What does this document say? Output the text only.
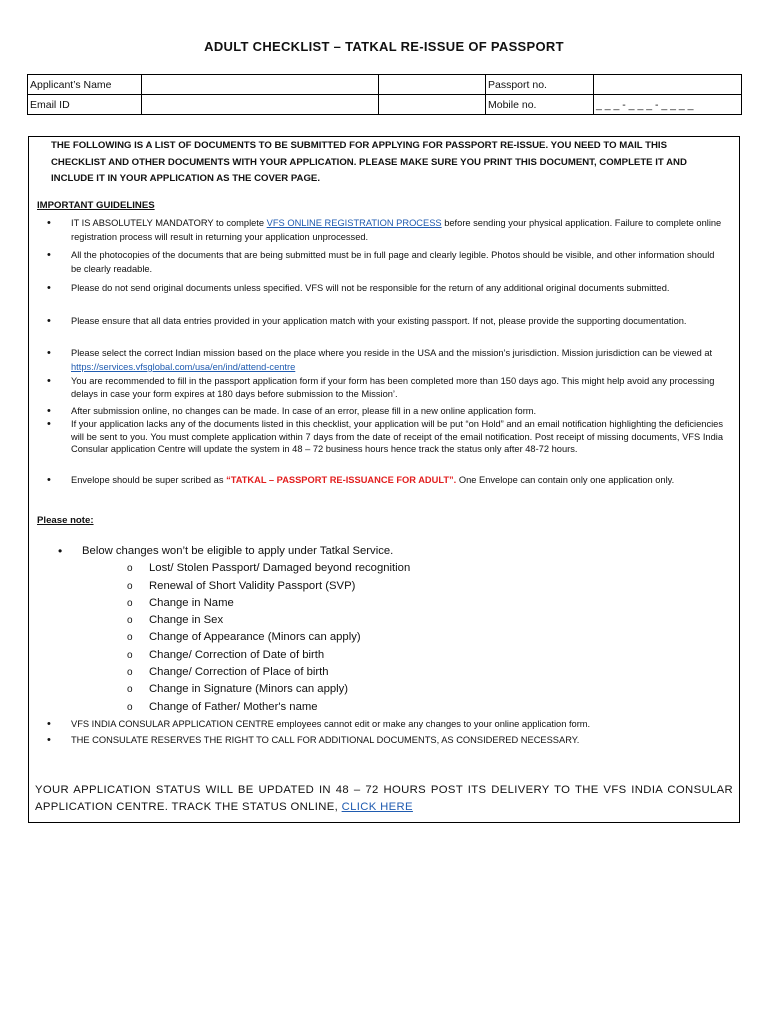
ADULT CHECKLIST – TATKAL RE-ISSUE OF PASSPORT
Applicant’s Name			Passport no.	
Email ID			Mobile no.	_ _ _ - _ _ _ - _ _ _ _
THE FOLLOWING IS A LIST OF DOCUMENTS TO BE SUBMITTED FOR APPLYING FOR PASSPORT RE-ISSUE. YOU NEED TO MAIL THIS CHECKLIST AND OTHER DOCUMENTS WITH YOUR APPLICATION. PLEASE MAKE SURE YOU PRINT THIS DOCUMENT, COMPLETE IT AND INCLUDE IT IN YOUR APPLICATION AS THE COVER PAGE.
IMPORTANT GUIDELINES
• IT IS ABSOLUTELY MANDATORY to complete VFS ONLINE REGISTRATION PROCESS before sending your physical application. Failure to complete online registration process will result in returning your application unprocessed.
• All the photocopies of the documents that are being submitted must be in full page and clearly legible. Photos should be visible, and other information should be clearly readable.
• Please do not send original documents unless specified. VFS will not be responsible for the return of any additional original documents submitted.
• Please ensure that all data entries provided in your application match with your existing passport. If not, please provide the supporting documentation.
• Please select the correct Indian mission based on the place where you reside in the USA and the mission’s jurisdiction. Mission jurisdiction can be viewed at https://services.vfsglobal.com/usa/en/ind/attend-centre
• You are recommended to fill in the passport application form if your form has been completed more than 150 days ago. This might help avoid any processing delays in case your form expires at 180 days before submission to the Mission’.
• After submission online, no changes can be made. In case of an error, please fill in a new online application form.
• If your application lacks any of the documents listed in this checklist, your application will be put “on Hold” and an email notification highlighting the deficiencies will be sent to you. You must complete application within 7 days from the date of receipt of the email notification. Post receipt of missing documents, VFS India Consular application Centre will update the system in 48 – 72 business hours hence track the status only after 48-72 hours.
• Envelope should be super scribed as “TATKAL – PASSPORT RE-ISSUANCE FOR ADULT”. One Envelope can contain only one application only.
Please note:
• Below changes won’t be eligible to apply under Tatkal Service.
o Lost/ Stolen Passport/ Damaged beyond recognition
o Renewal of Short Validity Passport (SVP)
o Change in Name
o Change in Sex
o Change of Appearance (Minors can apply)
o Change/ Correction of Date of birth
o Change/ Correction of Place of birth
o Change in Signature (Minors can apply)
o Change of Father/ Mother's name
• VFS INDIA CONSULAR APPLICATION CENTRE employees cannot edit or make any changes to your online application form.
• THE CONSULATE RESERVES THE RIGHT TO CALL FOR ADDITIONAL DOCUMENTS, AS CONSIDERED NECESSARY.
YOUR APPLICATION STATUS WILL BE UPDATED IN 48 – 72 HOURS POST ITS DELIVERY TO THE VFS INDIA CONSULAR APPLICATION CENTRE. TRACK THE STATUS ONLINE, CLICK HERE
